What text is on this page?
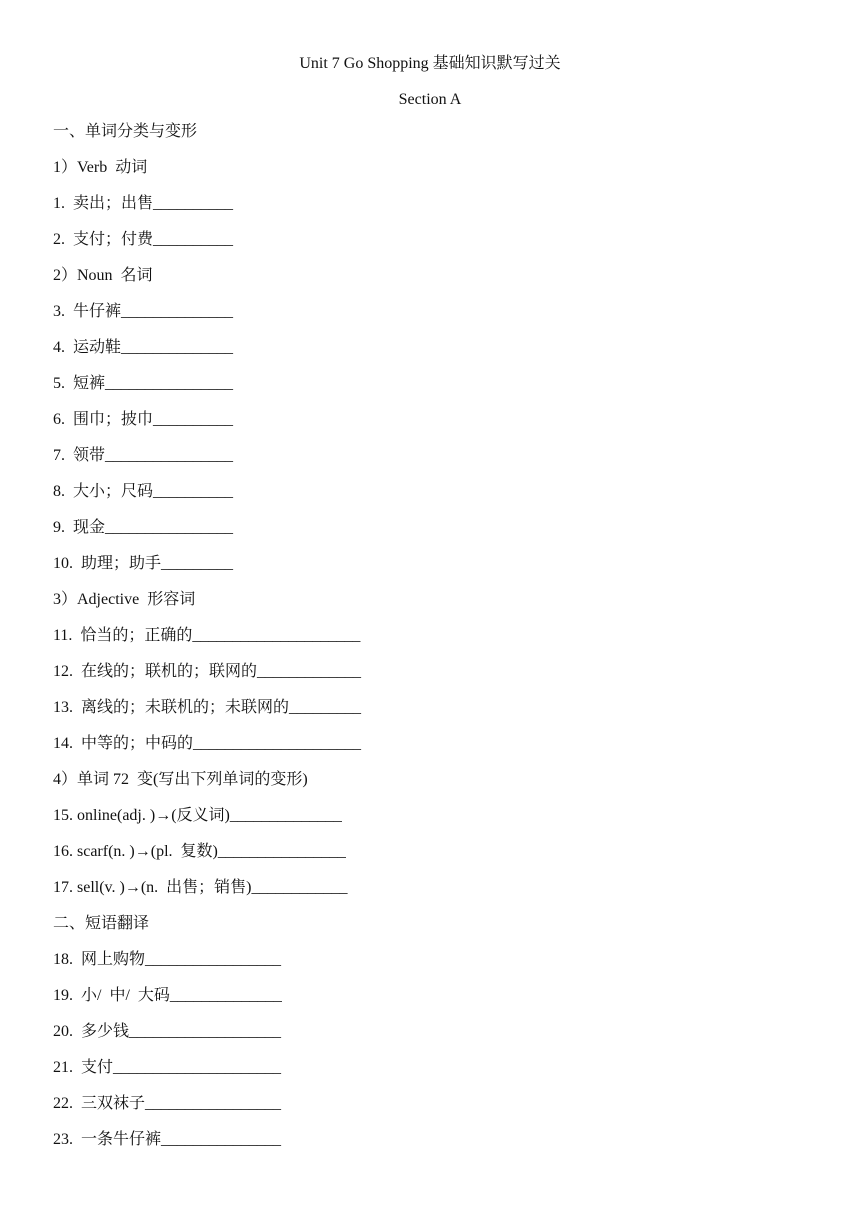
Unit 7 Go Shopping 基础知识默写过关
Section A
一、单词分类与变形
1）Verb  动词
1.  卖出；出售__________
2.  支付；付费__________
2）Noun  名词
3.  牛仔裤______________
4.  运动鞋______________
5.  短裤________________
6.  围巾；披巾__________
7.  领带________________
8.  大小；尺码__________
9.  现金________________
10.  助理；助手_________
3）Adjective  形容词
11.  恰当的；正确的_____________________
12.  在线的；联机的；联网的_____________
13.  离线的；未联机的；未联网的_________
14.  中等的；中码的_____________________
4）单词 72  变(写出下列单词的变形)
15. online(adj. )→(反义词)______________
16. scarf(n. )→(pl.  复数)________________
17. sell(v. )→(n.  出售；销售)____________
二、短语翻译
18.  网上购物_________________
19.  小/  中/  大码______________
20.  多少钱___________________
21.  支付_____________________
22.  三双袜子_________________
23.  一条牛仔裤_______________
